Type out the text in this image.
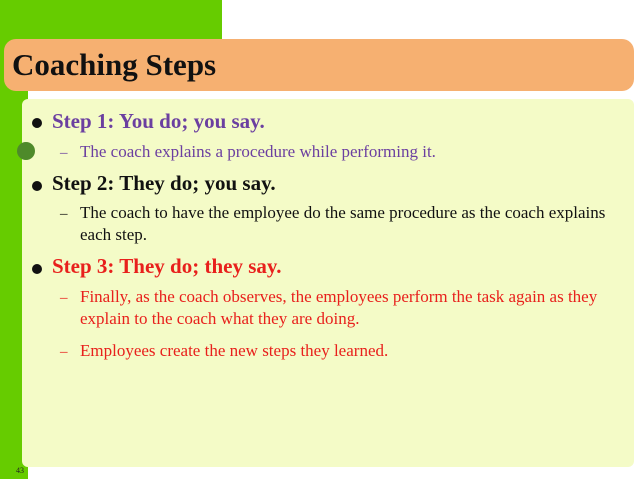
Coaching Steps
Step 1: You do; you say.
– The coach explains a procedure while performing it.
Step 2: They do; you say.
– The coach to have the employee do the same procedure as the coach explains each step.
Step 3: They do; they say.
– Finally, as the coach observes, the employees perform the task again as they explain to the coach what they are doing.
– Employees create the new steps they learned.
43
